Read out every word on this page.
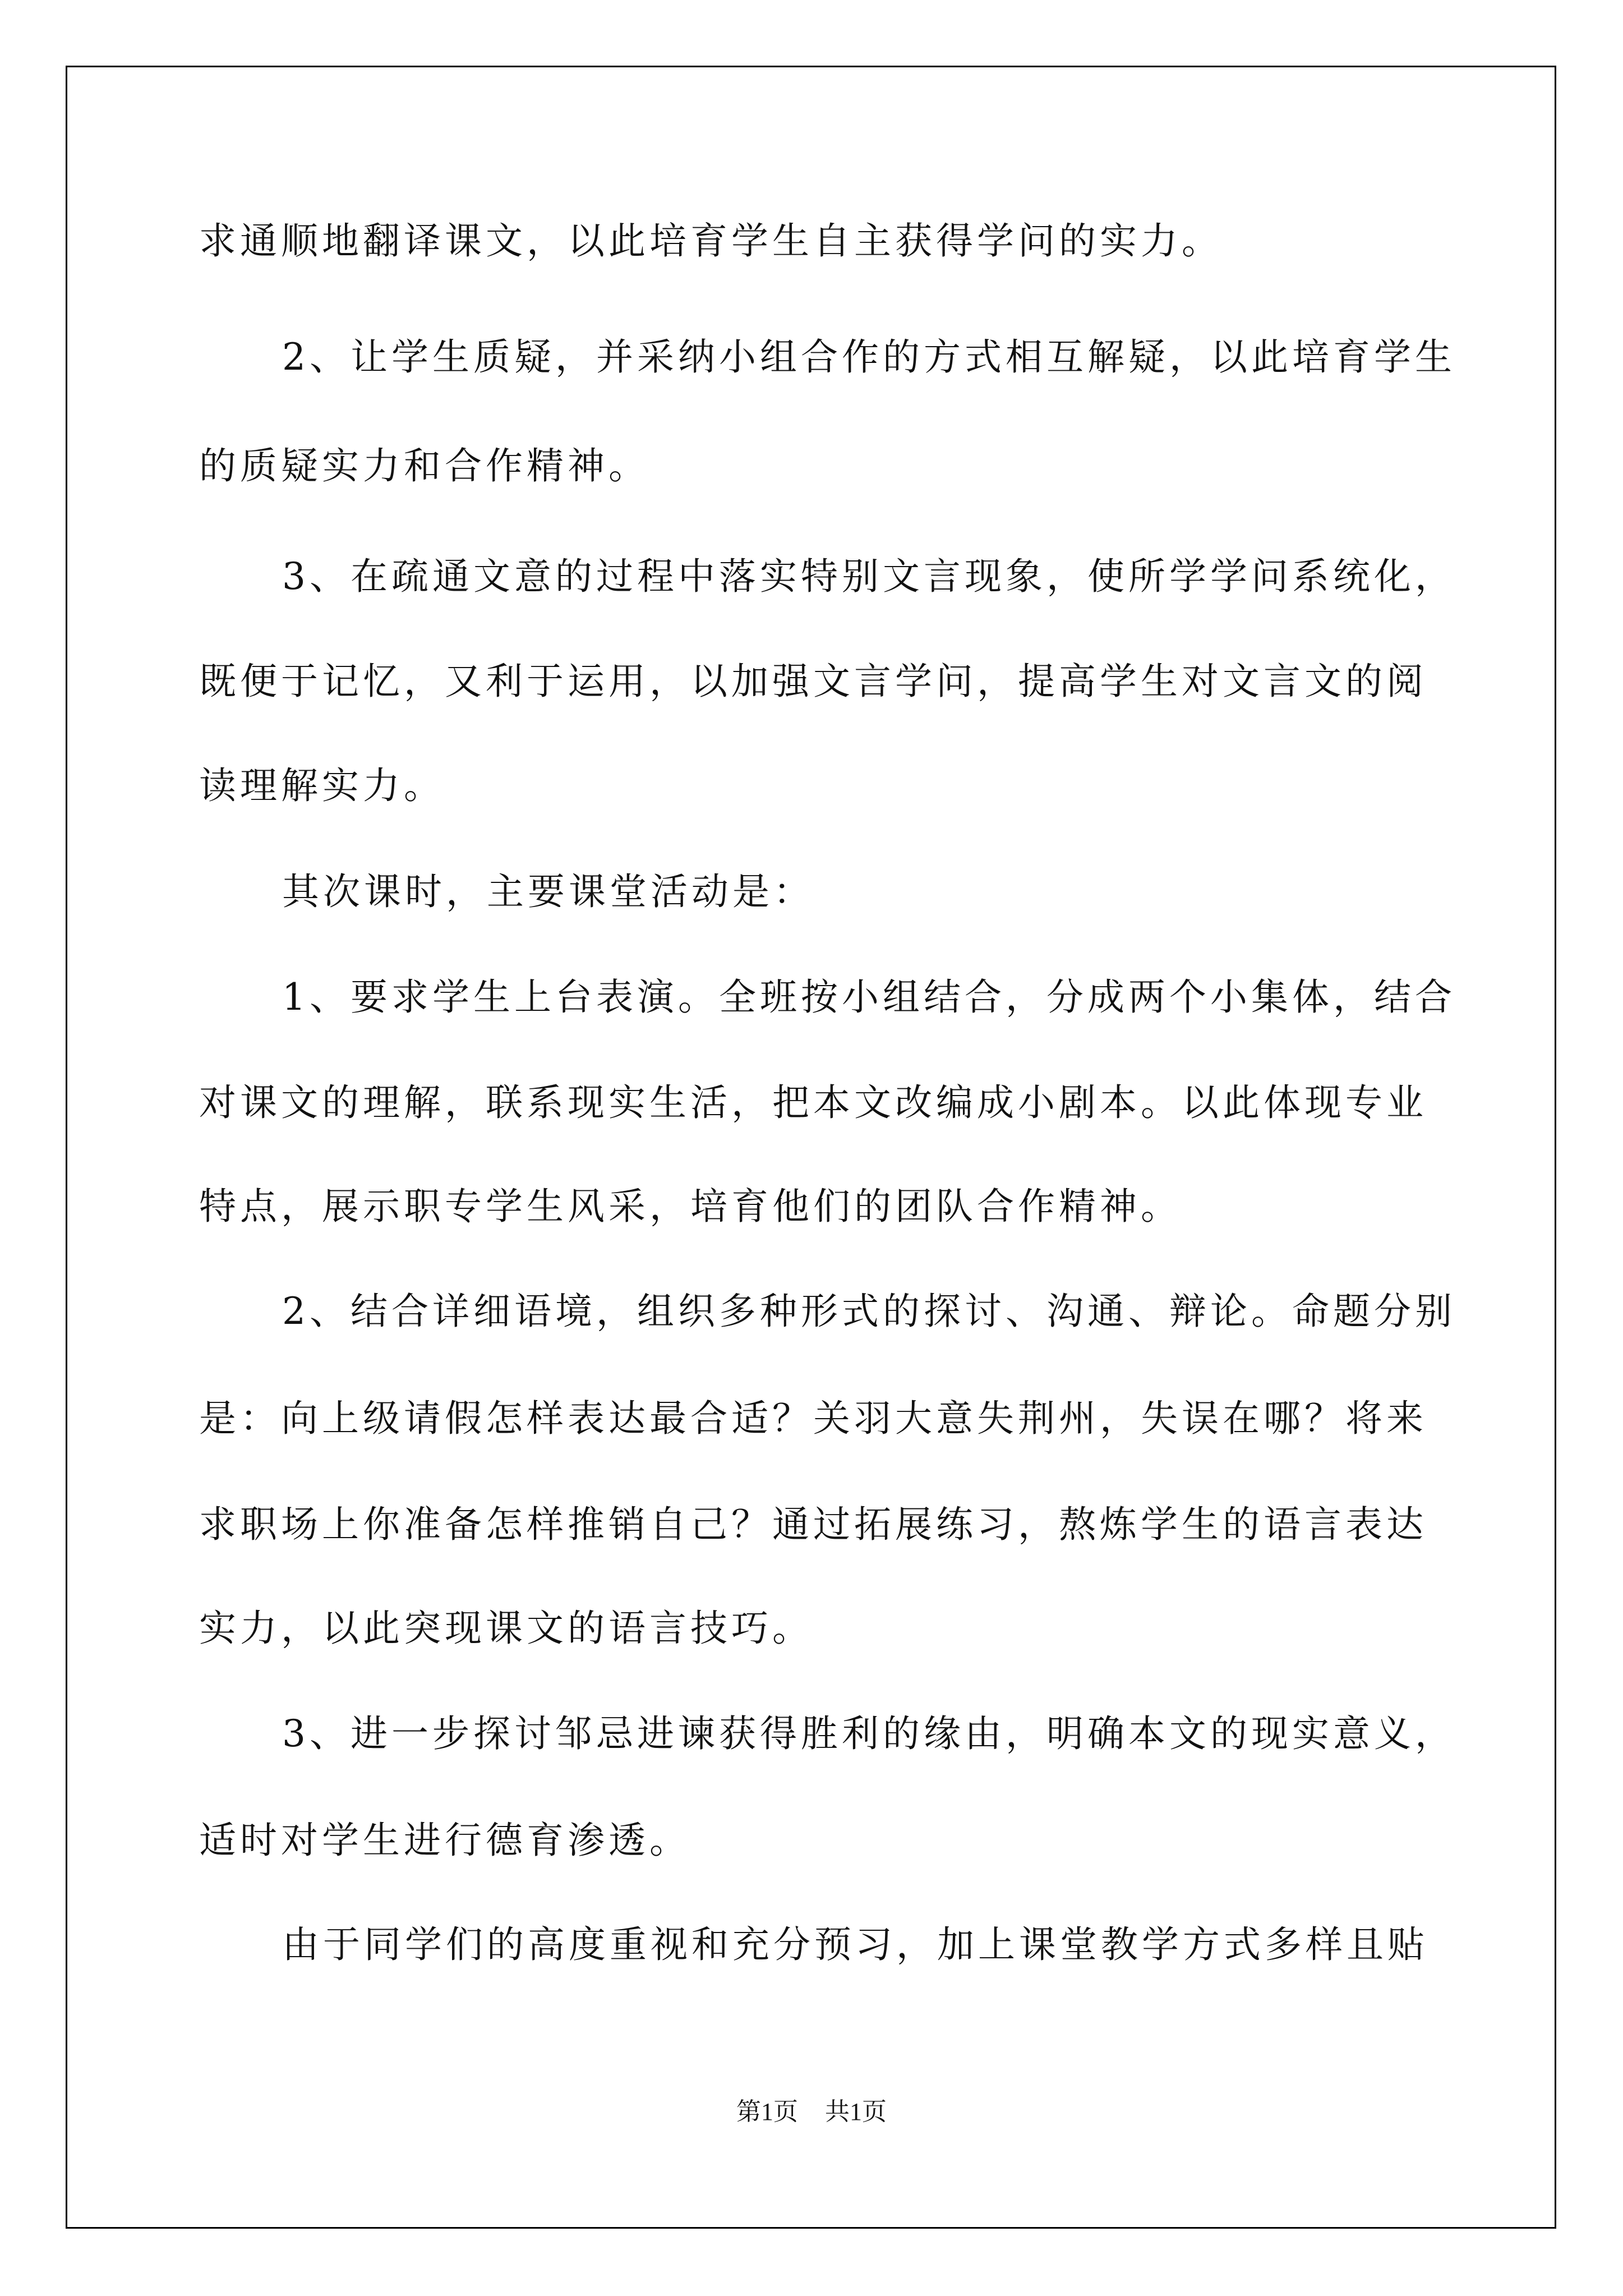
求通顺地翻译课文，以此培育学生自主获得学问的实力。
2、让学生质疑，并采纳小组合作的方式相互解疑，以此培育学生
的质疑实力和合作精神。
3、在疏通文意的过程中落实特别文言现象，使所学学问系统化，
既便于记忆，又利于运用，以加强文言学问，提高学生对文言文的阅
读理解实力。
其次课时，主要课堂活动是：
1、要求学生上台表演。全班按小组结合，分成两个小集体，结合
对课文的理解，联系现实生活，把本文改编成小剧本。以此体现专业
特点，展示职专学生风采，培育他们的团队合作精神。
2、结合详细语境，组织多种形式的探讨、沟通、辩论。命题分别
是：向上级请假怎样表达最合适？关羽大意失荆州，失误在哪？将来
求职场上你准备怎样推销自己？通过拓展练习，熬炼学生的语言表达
实力，以此突现课文的语言技巧。
3、进一步探讨邹忌进谏获得胜利的缘由，明确本文的现实意义，
适时对学生进行德育渗透。
由于同学们的高度重视和充分预习，加上课堂教学方式多样且贴
第1页 共1页
